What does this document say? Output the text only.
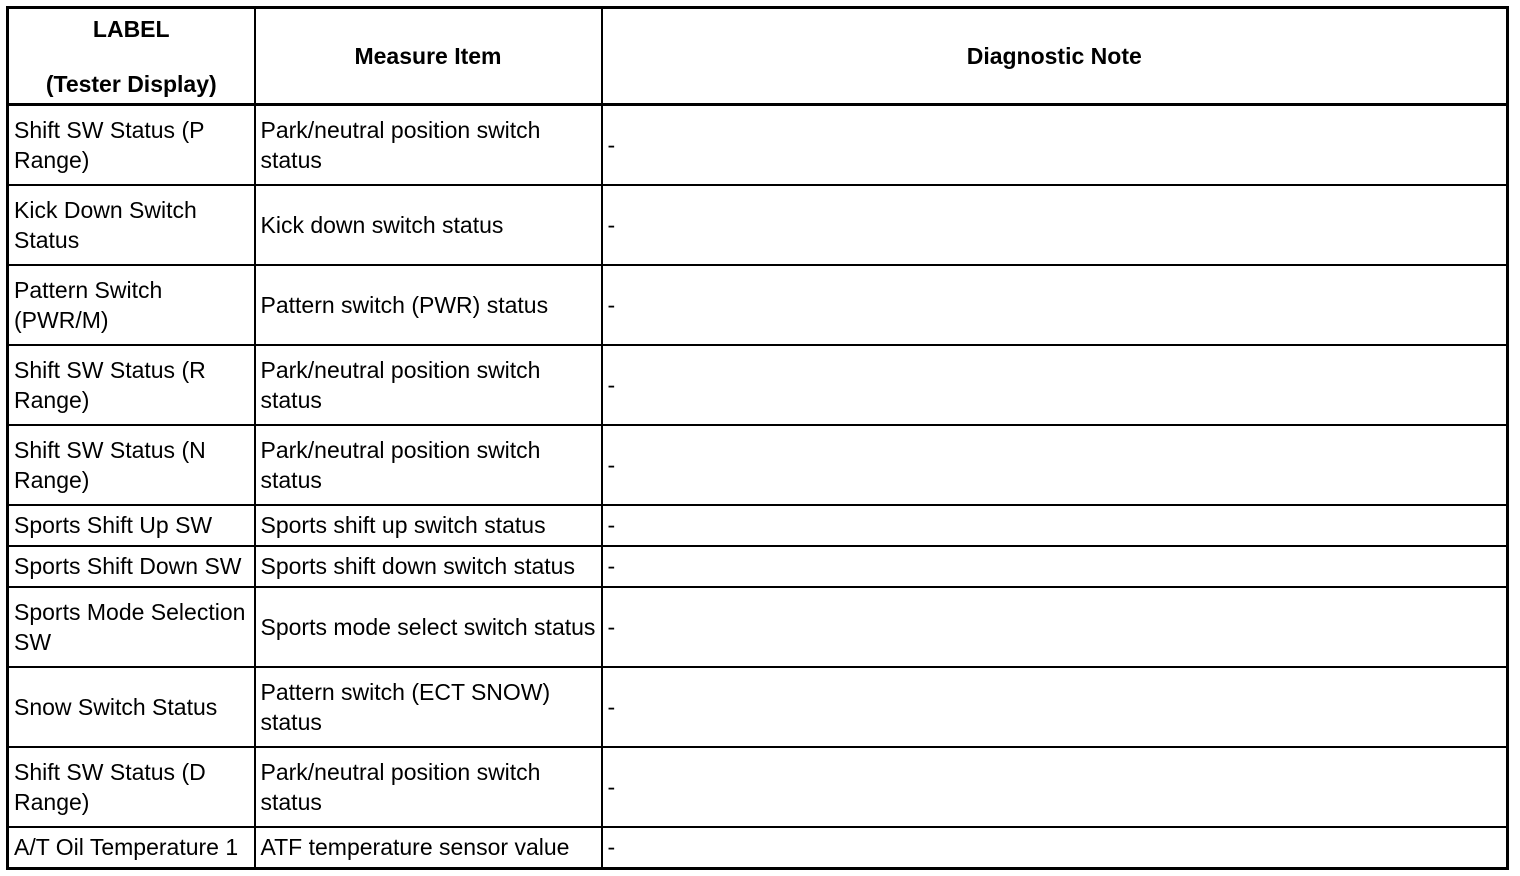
LABEL
(Tester Display)	Measure Item	Diagnostic Note
Shift SW Status (P Range)	Park/neutral position switch status	-
Kick Down Switch Status	Kick down switch status	-
Pattern Switch (PWR/M)	Pattern switch (PWR) status	-
Shift SW Status (R Range)	Park/neutral position switch status	-
Shift SW Status (N Range)	Park/neutral position switch status	-
Sports Shift Up SW	Sports shift up switch status	-
Sports Shift Down SW	Sports shift down switch status	-
Sports Mode Selection SW	Sports mode select switch status	-
Snow Switch Status	Pattern switch (ECT SNOW) status	-
Shift SW Status (D Range)	Park/neutral position switch status	-
A/T Oil Temperature 1	ATF temperature sensor value	-
